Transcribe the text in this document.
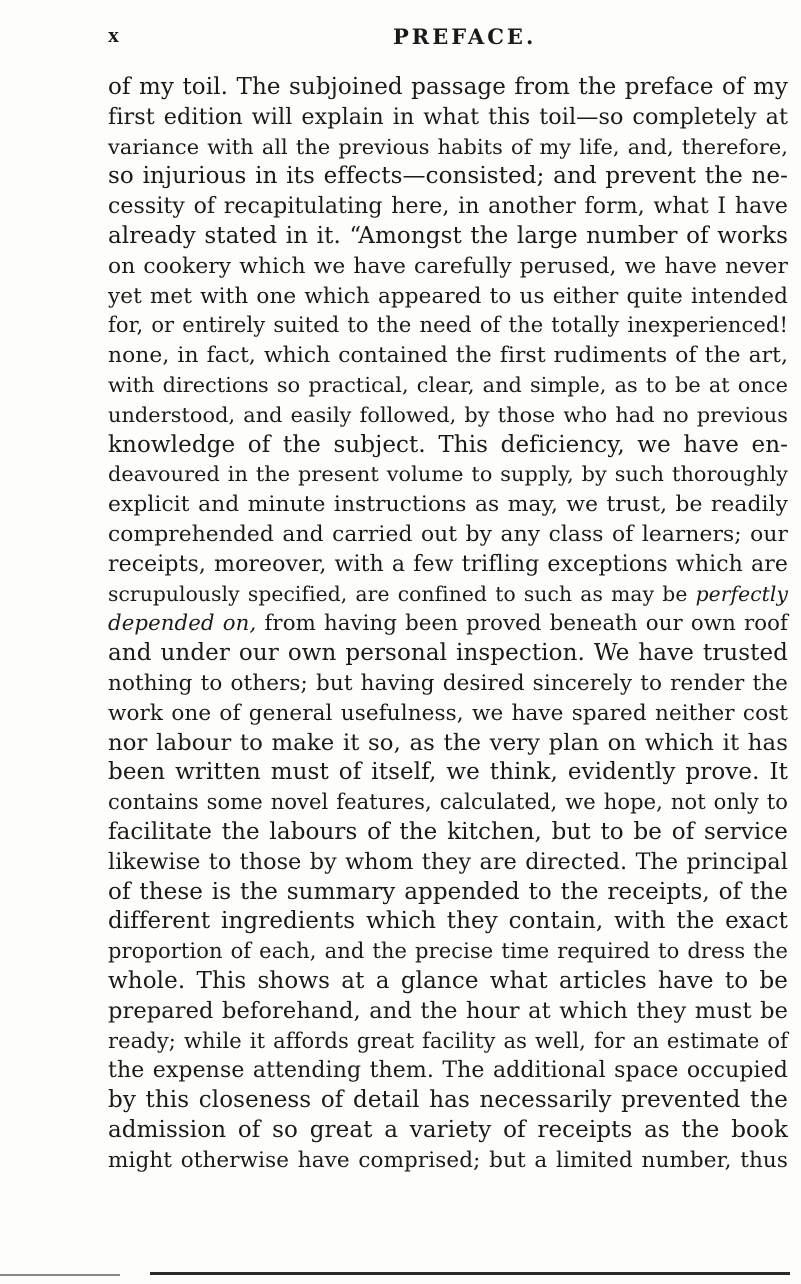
x	PREFACE.
of my toil. The subjoined passage from the preface of my
first edition will explain in what this toil—so completely at
variance with all the previous habits of my life, and, therefore,
so injurious in its effects—consisted; and prevent the ne-
cessity of recapitulating here, in another form, what I have
already stated in it. “Amongst the large number of works
on cookery which we have carefully perused, we have never
yet met with one which appeared to us either quite intended
for, or entirely suited to the need of the totally inexperienced!
none, in fact, which contained the first rudiments of the art,
with directions so practical, clear, and simple, as to be at once
understood, and easily followed, by those who had no previous
knowledge of the subject. This deficiency, we have en-
deavoured in the present volume to supply, by such thoroughly
explicit and minute instructions as may, we trust, be readily
comprehended and carried out by any class of learners; our
receipts, moreover, with a few trifling exceptions which are
scrupulously specified, are confined to such as may be perfectly
depended on, from having been proved beneath our own roof
and under our own personal inspection. We have trusted
nothing to others; but having desired sincerely to render the
work one of general usefulness, we have spared neither cost
nor labour to make it so, as the very plan on which it has
been written must of itself, we think, evidently prove. It
contains some novel features, calculated, we hope, not only to
facilitate the labours of the kitchen, but to be of service
likewise to those by whom they are directed. The principal
of these is the summary appended to the receipts, of the
different ingredients which they contain, with the exact
proportion of each, and the precise time required to dress the
whole. This shows at a glance what articles have to be
prepared beforehand, and the hour at which they must be
ready; while it affords great facility as well, for an estimate of
the expense attending them. The additional space occupied
by this closeness of detail has necessarily prevented the
admission of so great a variety of receipts as the book
might otherwise have comprised; but a limited number, thus
